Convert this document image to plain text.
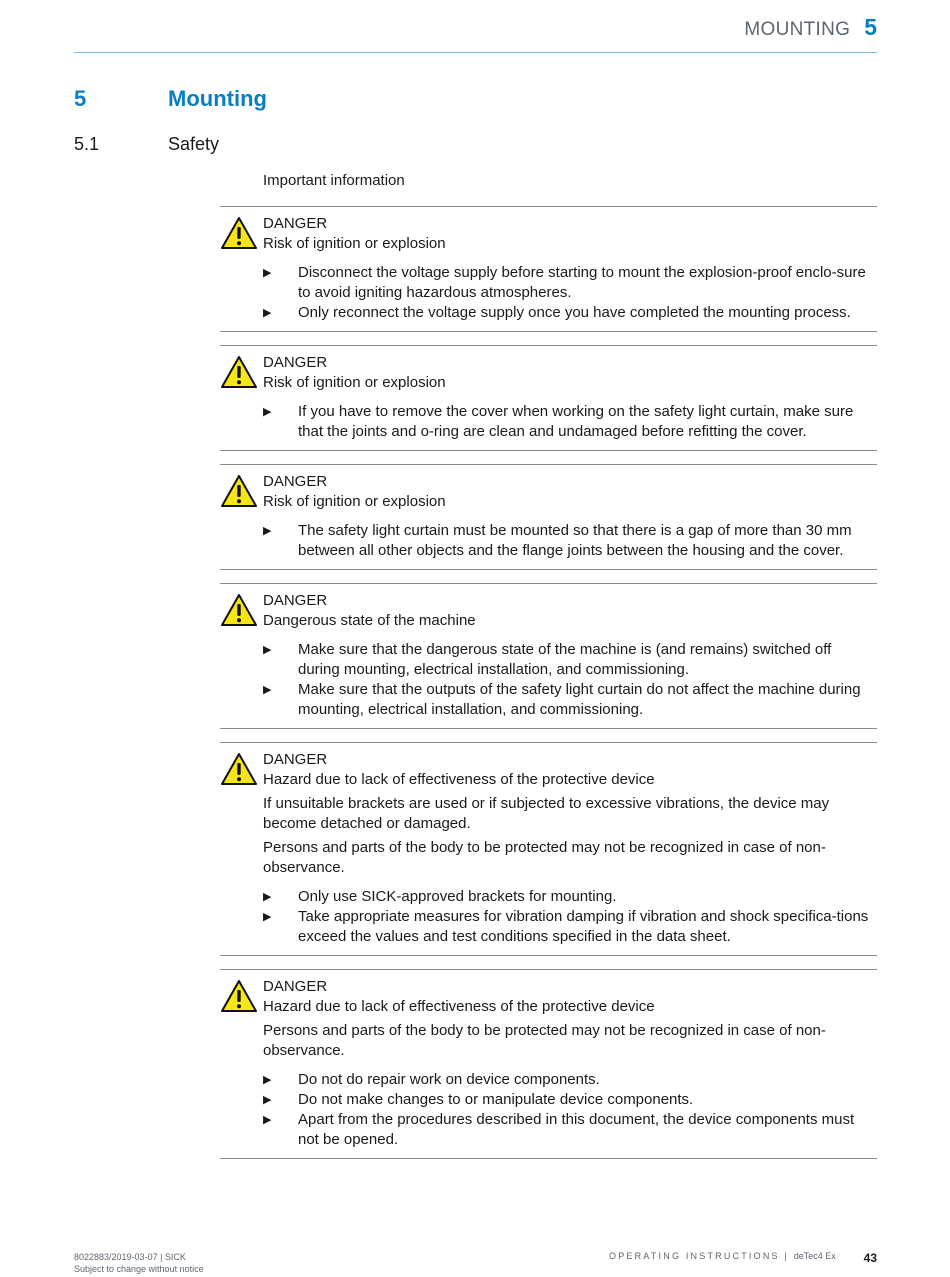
MOUNTING 5
5	Mounting
5.1	Safety
Important information
DANGER
Risk of ignition or explosion
▶ Disconnect the voltage supply before starting to mount the explosion-proof enclo-sure to avoid igniting hazardous atmospheres.
▶ Only reconnect the voltage supply once you have completed the mounting process.
DANGER
Risk of ignition or explosion
▶ If you have to remove the cover when working on the safety light curtain, make sure that the joints and o-ring are clean and undamaged before refitting the cover.
DANGER
Risk of ignition or explosion
▶ The safety light curtain must be mounted so that there is a gap of more than 30 mm between all other objects and the flange joints between the housing and the cover.
DANGER
Dangerous state of the machine
▶ Make sure that the dangerous state of the machine is (and remains) switched off during mounting, electrical installation, and commissioning.
▶ Make sure that the outputs of the safety light curtain do not affect the machine during mounting, electrical installation, and commissioning.
DANGER
Hazard due to lack of effectiveness of the protective device
If unsuitable brackets are used or if subjected to excessive vibrations, the device may become detached or damaged.
Persons and parts of the body to be protected may not be recognized in case of non-observance.
▶ Only use SICK-approved brackets for mounting.
▶ Take appropriate measures for vibration damping if vibration and shock specifica-tions exceed the values and test conditions specified in the data sheet.
DANGER
Hazard due to lack of effectiveness of the protective device
Persons and parts of the body to be protected may not be recognized in case of non-observance.
▶ Do not do repair work on device components.
▶ Do not make changes to or manipulate device components.
▶ Apart from the procedures described in this document, the device components must not be opened.
8022883/2019-03-07 | SICK
Subject to change without notice
OPERATING INSTRUCTIONS | deTec4 Ex 43
